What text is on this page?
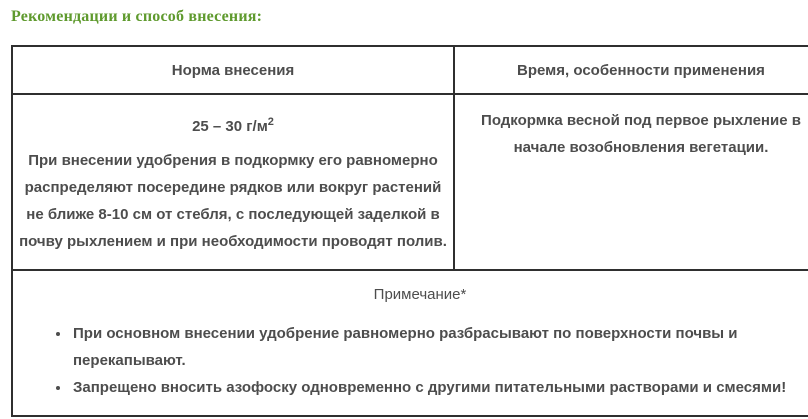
Рекомендации и способ внесения:
Норма внесения	Время, особенности применения

25 – 30 $г/м^2$

При внесении удобрения в подкормку его равномерно распределяют посередине рядков или вокруг растений не ближе 8-10 см от стебля, с последующей заделкой в почву рыхлением и при необходимости проводят полив.	Подкормка весной под первое рыхление в начале возобновления вегетации.

Примечание*

• При основном внесении удобрение равномерно разбрасывают по поверхности почвы и перекапывают.
• Запрещено вносить азофоску одновременно с другими питательными растворами и смесями!
